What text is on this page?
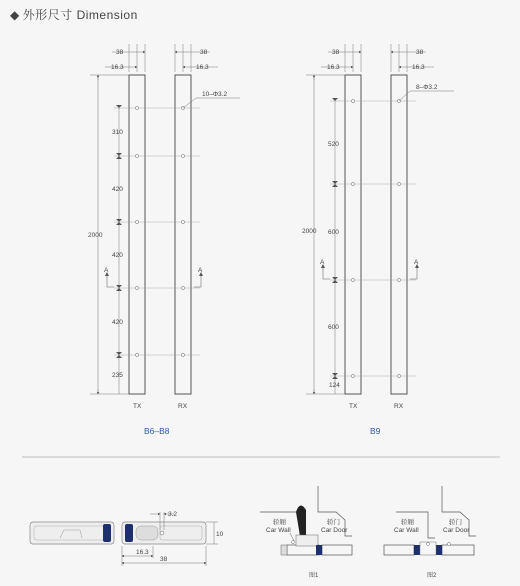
◆ 外形尺寸 Dimension
38	38
16.3	16.3
10–Φ3.2
2000
310
420
420
420
235
A	A
TX	RX
B6–B8
38	38
16.3	16.3
8–Φ3.2
2000
520
600
600
124
A	A
TX	RX
B9
3.2
10
16.3
38
轿厢
Car Wall
轿门
Car Door
图1
轿厢
Car Wall
轿门
Car Door
图2
